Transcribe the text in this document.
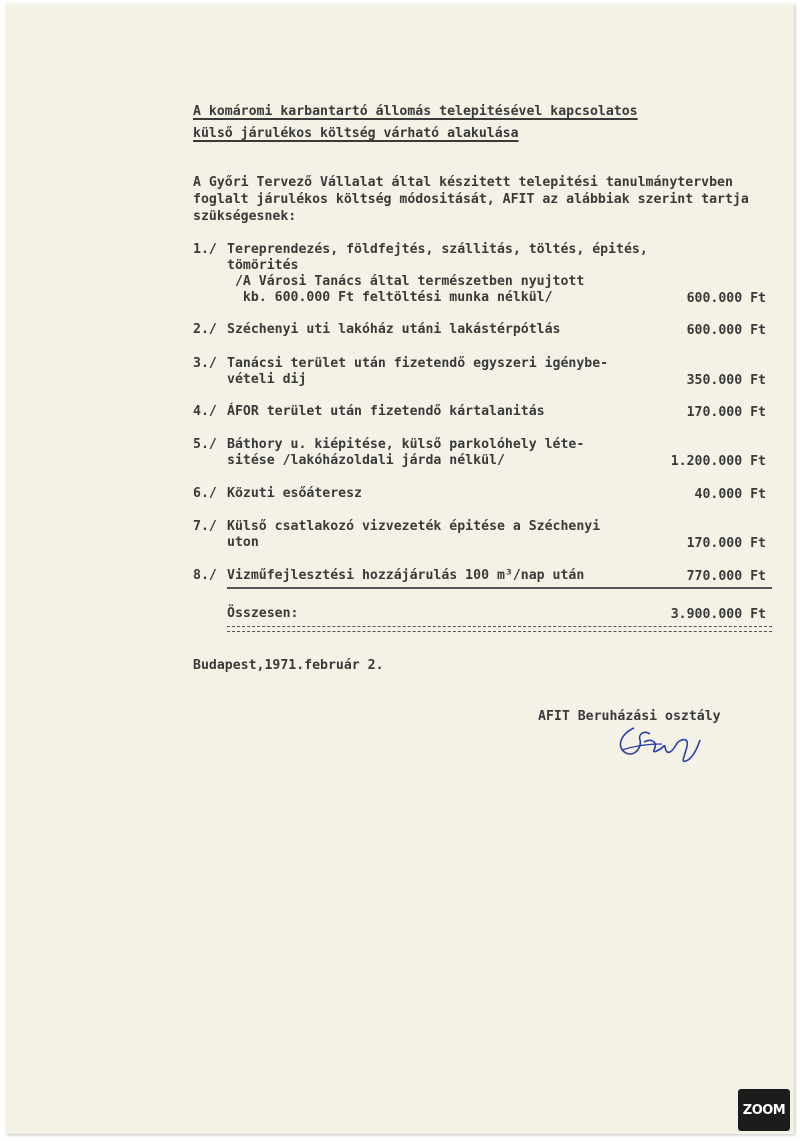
A komáromi karbantartó állomás telepitésével kapcsolatos
külső járulékos költség várható alakulása
A Győri Tervező Vállalat által készitett telepitési tanulmánytervben
foglalt járulékos költség módositását, AFIT az alábbiak szerint tartja
szükségesnek:
1./ Tereprendezés, földfejtés, szállitás, töltés, épités,
tömörités
/A Városi Tanács által természetben nyujtott
kb. 600.000 Ft feltöltési munka nélkül/	600.000 Ft
2./ Széchenyi uti lakóház utáni lakástérpótlás	600.000 Ft
3./ Tanácsi terület után fizetendő egyszeri igénybe-
vételi dij	350.000 Ft
4./ ÁFOR terület után fizetendő kártalanitás	170.000 Ft
5./ Báthory u. kiépitése, külső parkolóhely léte-
sitése /lakóházoldali járda nélkül/	1.200.000 Ft
6./ Közuti esőáteresz	40.000 Ft
7./ Külső csatlakozó vizvezeték épitése a Széchenyi
uton	170.000 Ft
8./ Vizműfejlesztési hozzájárulás 100 m³/nap után	770.000 Ft
Összesen:	3.900.000 Ft
Budapest,1971.február 2.
AFIT Beruházási osztály
ZOOM
